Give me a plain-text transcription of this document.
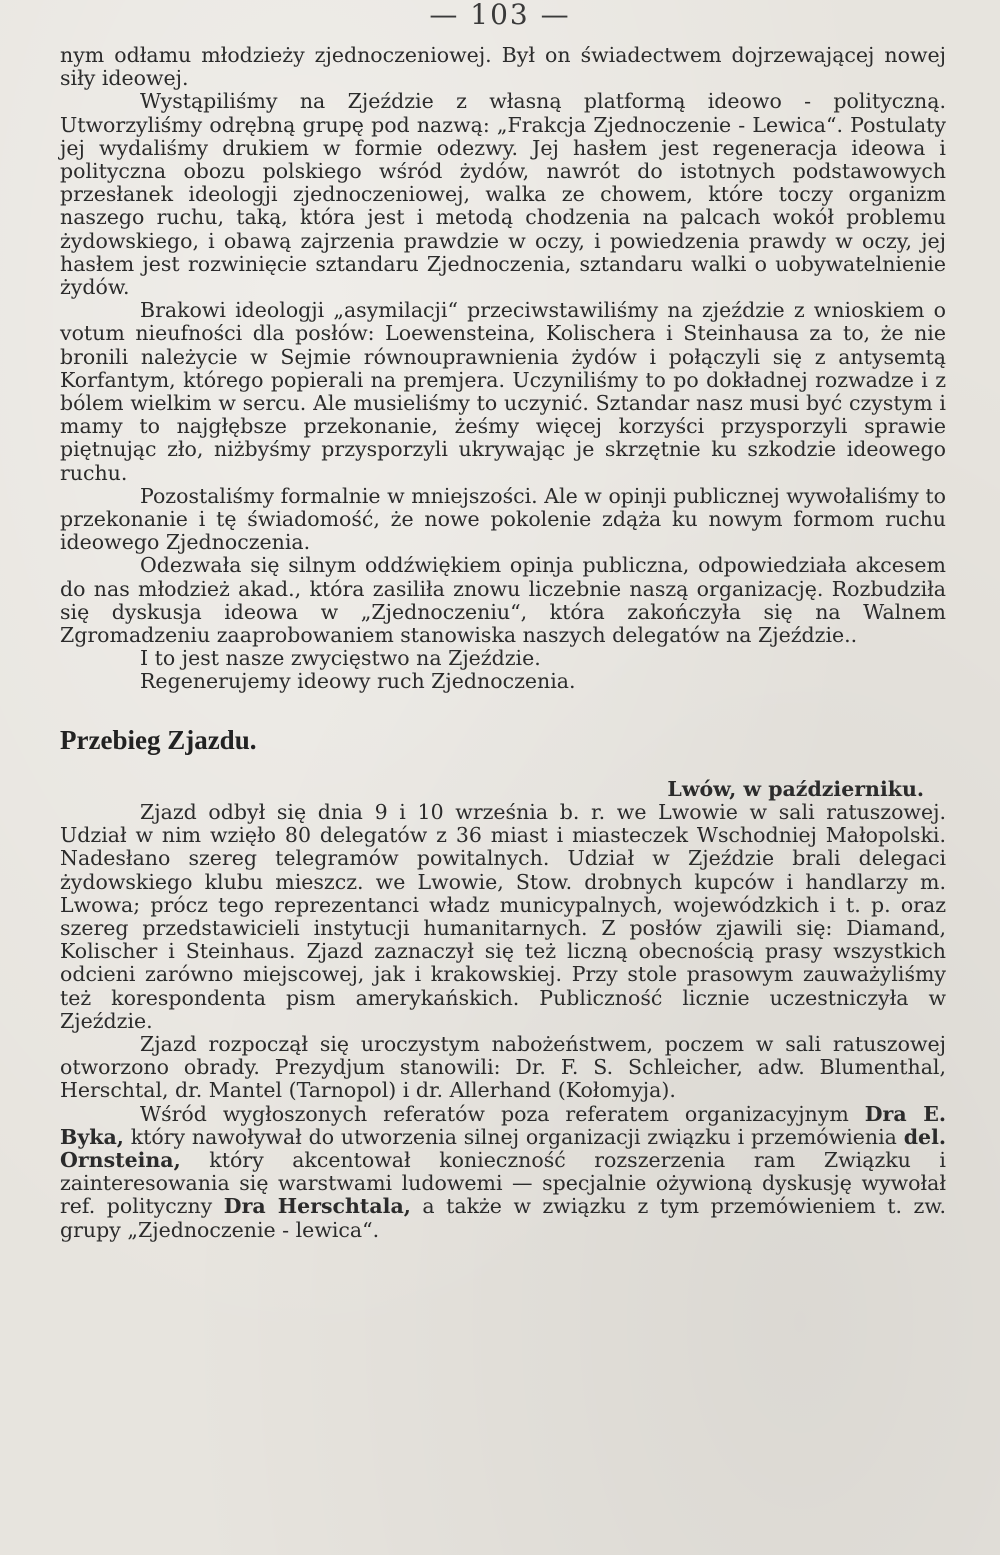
— 103 —

nym odłamu młodzieży zjednoczeniowej. Był on świadectwem dojrzewającej nowej siły ideowej.

Wystąpiliśmy na Zjeździe z własną platformą ideowo - polityczną. Utworzyliśmy odrębną grupę pod nazwą: „Frakcja Zjednoczenie - Lewica“. Postulaty jej wydaliśmy drukiem w formie odezwy. Jej hasłem jest regeneracja ideowa i polityczna obozu polskiego wśród żydów, nawrót do istotnych podstawowych przesłanek ideologji zjednoczeniowej, walka ze chowem, które toczy organizm naszego ruchu, taką, która jest i metodą chodzenia na palcach wokół problemu żydowskiego, i obawą zajrzenia prawdzie w oczy, i powiedzenia prawdy w oczy, jej hasłem jest rozwinięcie sztandaru Zjednoczenia, sztandaru walki o uobywatelnienie żydów.

Brakowi ideologji „asymilacji“ przeciwstawiliśmy na zjeździe z wnioskiem o votum nieufności dla posłów: Loewensteina, Kolischera i Steinhausa za to, że nie bronili należycie w Sejmie równouprawnienia żydów i połączyli się z antysemtą Korfantym, którego popierali na premjera. Uczyniliśmy to po dokładnej rozwadze i z bólem wielkim w sercu. Ale musieliśmy to uczynić. Sztandar nasz musi być czystym i mamy to najgłębsze przekonanie, żeśmy więcej korzyści przysporzyli sprawie piętnując zło, niżbyśmy przysporzyli ukrywając je skrzętnie ku szkodzie ideowego ruchu.

Pozostaliśmy formalnie w mniejszości. Ale w opinji publicznej wywołaliśmy to przekonanie i tę świadomość, że nowe pokolenie zdąża ku nowym formom ruchu ideowego Zjednoczenia.

Odezwała się silnym oddźwiękiem opinja publiczna, odpowiedziała akcesem do nas młodzież akad., która zasiliła znowu liczebnie naszą organizację. Rozbudziła się dyskusja ideowa w „Zjednoczeniu“, która zakończyła się na Walnem Zgromadzeniu zaaprobowaniem stanowiska naszych delegatów na Zjeździe..

I to jest nasze zwycięstwo na Zjeździe.

Regenerujemy ideowy ruch Zjednoczenia.

Przebieg Zjazdu.
Lwów, w październiku.

Zjazd odbył się dnia 9 i 10 września b. r. we Lwowie w sali ratuszowej. Udział w nim wzięło 80 delegatów z 36 miast i miasteczek Wschodniej Małopolski. Nadesłano szereg telegramów powitalnych. Udział w Zjeździe brali delegaci żydowskiego klubu mieszcz. we Lwowie, Stow. drobnych kupców i handlarzy m. Lwowa; prócz tego reprezentanci władz municypalnych, wojewódzkich i t. p. oraz szereg przedstawicieli instytucji humanitarnych. Z posłów zjawili się: Diamand, Kolischer i Steinhaus. Zjazd zaznaczył się też liczną obecnością prasy wszystkich odcieni zarówno miejscowej, jak i krakowskiej. Przy stole prasowym zauważyliśmy też korespondenta pism amerykańskich. Publiczność licznie uczestniczyła w Zjeździe.

Zjazd rozpoczął się uroczystym nabożeństwem, poczem w sali ratuszowej otworzono obrady. Prezydjum stanowili: Dr. F. S. Schleicher, adw. Blumenthal, Herschtal, dr. Mantel (Tarnopol) i dr. Allerhand (Kołomyja).

Wśród wygłoszonych referatów poza referatem organizacyjnym Dra E. Byka, który nawoływał do utworzenia silnej organizacji związku i przemówienia del. Ornsteina, który akcentował konieczność rozszerzenia ram Związku i zainteresowania się warstwami ludowemi — specjalnie ożywioną dyskusję wywołał ref. polityczny Dra Herschtala, a także w związku z tym przemówieniem t. zw. grupy „Zjednoczenie - lewica“.
